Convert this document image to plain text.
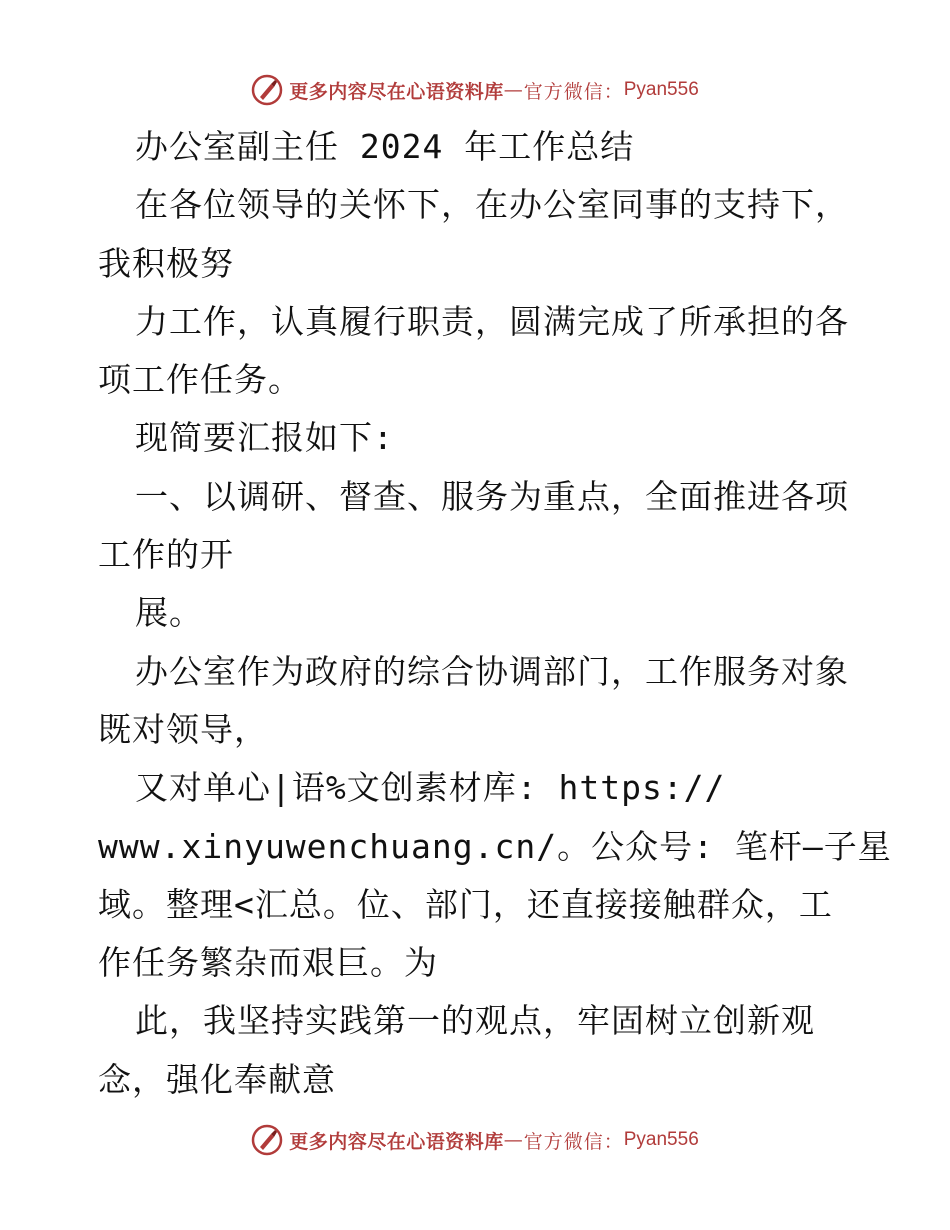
更多内容尽在心语资料库 — 官方微信： Pyan556
办公室副主任 2024 年工作总结
在各位领导的关怀下，在办公室同事的支持下，
我积极努
力工作，认真履行职责，圆满完成了所承担的各
项工作任务。
现简要汇报如下:
一、以调研、督查、服务为重点，全面推进各项
工作的开
展。
办公室作为政府的综合协调部门，工作服务对象
既对领导，
又对单心|语%文创素材库: https://
www.xinyuwenchuang.cn/。公众号: 笔杆—子星
域。整理<汇总。位、部门，还直接接触群众，工
作任务繁杂而艰巨。为
此，我坚持实践第一的观点，牢固树立创新观
念，强化奉献意
更多内容尽在心语资料库 — 官方微信： Pyan556
